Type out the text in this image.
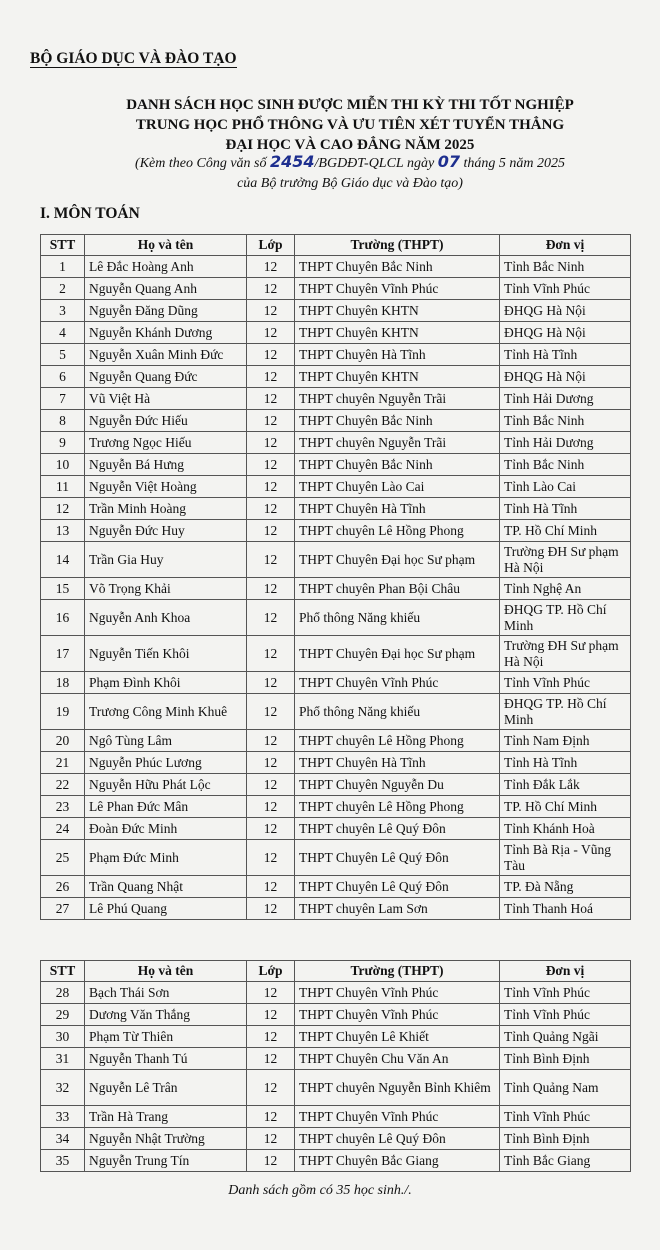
BỘ GIÁO DỤC VÀ ĐÀO TẠO
DANH SÁCH HỌC SINH ĐƯỢC MIỄN THI KỲ THI TỐT NGHIỆP
TRUNG HỌC PHỔ THÔNG VÀ ƯU TIÊN XÉT TUYỂN THẲNG
ĐẠI HỌC VÀ CAO ĐẲNG NĂM 2025
(Kèm theo Công văn số 2454/BGDĐT-QLCL ngày 07 tháng 5 năm 2025
của Bộ trưởng Bộ Giáo dục và Đào tạo)
I. MÔN TOÁN
STT	Họ và tên	Lớp	Trường (THPT)	Đơn vị
1	Lê Đắc Hoàng Anh	12	THPT Chuyên Bắc Ninh	Tỉnh Bắc Ninh
2	Nguyễn Quang Anh	12	THPT Chuyên Vĩnh Phúc	Tỉnh Vĩnh Phúc
3	Nguyễn Đăng Dũng	12	THPT Chuyên KHTN	ĐHQG Hà Nội
4	Nguyễn Khánh Dương	12	THPT Chuyên KHTN	ĐHQG Hà Nội
5	Nguyễn Xuân Minh Đức	12	THPT Chuyên Hà Tĩnh	Tỉnh Hà Tĩnh
6	Nguyễn Quang Đức	12	THPT Chuyên KHTN	ĐHQG Hà Nội
7	Vũ Việt Hà	12	THPT chuyên Nguyễn Trãi	Tỉnh Hải Dương
8	Nguyễn Đức Hiếu	12	THPT Chuyên Bắc Ninh	Tỉnh Bắc Ninh
9	Trương Ngọc Hiếu	12	THPT chuyên Nguyễn Trãi	Tỉnh Hải Dương
10	Nguyễn Bá Hưng	12	THPT Chuyên Bắc Ninh	Tỉnh Bắc Ninh
11	Nguyễn Việt Hoàng	12	THPT Chuyên Lào Cai	Tỉnh Lào Cai
12	Trần Minh Hoàng	12	THPT Chuyên Hà Tĩnh	Tỉnh Hà Tĩnh
13	Nguyễn Đức Huy	12	THPT chuyên Lê Hồng Phong	TP. Hồ Chí Minh
14	Trần Gia Huy	12	THPT Chuyên Đại học Sư phạm	Trường ĐH Sư phạm Hà Nội
15	Võ Trọng Khải	12	THPT chuyên Phan Bội Châu	Tỉnh Nghệ An
16	Nguyễn Anh Khoa	12	Phổ thông Năng khiếu	ĐHQG TP. Hồ Chí Minh
17	Nguyễn Tiến Khôi	12	THPT Chuyên Đại học Sư phạm	Trường ĐH Sư phạm Hà Nội
18	Phạm Đình Khôi	12	THPT Chuyên Vĩnh Phúc	Tỉnh Vĩnh Phúc
19	Trương Công Minh Khuê	12	Phổ thông Năng khiếu	ĐHQG TP. Hồ Chí Minh
20	Ngô Tùng Lâm	12	THPT chuyên Lê Hồng Phong	Tỉnh Nam Định
21	Nguyễn Phúc Lương	12	THPT Chuyên Hà Tĩnh	Tỉnh Hà Tĩnh
22	Nguyễn Hữu Phát Lộc	12	THPT Chuyên Nguyễn Du	Tỉnh Đắk Lắk
23	Lê Phan Đức Mân	12	THPT chuyên Lê Hồng Phong	TP. Hồ Chí Minh
24	Đoàn Đức Minh	12	THPT chuyên Lê Quý Đôn	Tỉnh Khánh Hoà
25	Phạm Đức Minh	12	THPT Chuyên Lê Quý Đôn	Tỉnh Bà Rịa - Vũng Tàu
26	Trần Quang Nhật	12	THPT Chuyên Lê Quý Đôn	TP. Đà Nẵng
27	Lê Phú Quang	12	THPT chuyên Lam Sơn	Tỉnh Thanh Hoá
STT	Họ và tên	Lớp	Trường (THPT)	Đơn vị
28	Bạch Thái Sơn	12	THPT Chuyên Vĩnh Phúc	Tỉnh Vĩnh Phúc
29	Dương Văn Thắng	12	THPT Chuyên Vĩnh Phúc	Tỉnh Vĩnh Phúc
30	Phạm Từ Thiên	12	THPT Chuyên Lê Khiết	Tỉnh Quảng Ngãi
31	Nguyễn Thanh Tú	12	THPT Chuyên Chu Văn An	Tỉnh Bình Định
32	Nguyễn Lê Trân	12	THPT chuyên Nguyễn Bỉnh Khiêm	Tỉnh Quảng Nam
33	Trần Hà Trang	12	THPT Chuyên Vĩnh Phúc	Tỉnh Vĩnh Phúc
34	Nguyễn Nhật Trường	12	THPT chuyên Lê Quý Đôn	Tỉnh Bình Định
35	Nguyễn Trung Tín	12	THPT Chuyên Bắc Giang	Tỉnh Bắc Giang
Danh sách gồm có 35 học sinh./.
